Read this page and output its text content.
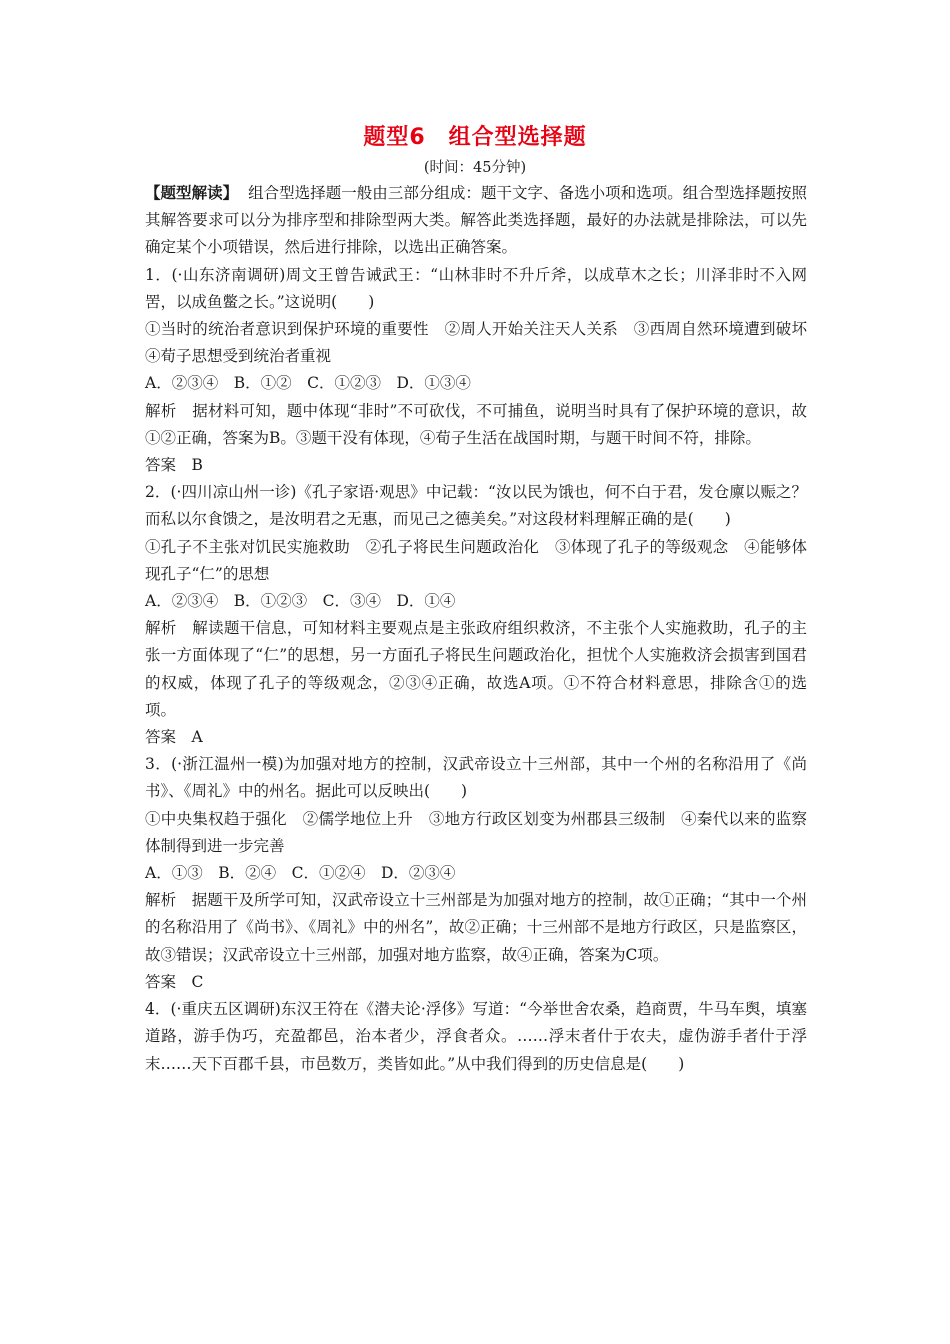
题型6　组合型选择题
(时间：45分钟)

【题型解读】 组合型选择题一般由三部分组成：题干文字、备选小项和选项。组合型选择题按照其解答要求可以分为排序型和排除型两大类。解答此类选择题，最好的办法就是排除法，可以先确定某个小项错误，然后进行排除，以选出正确答案。

1．(·山东济南调研)周文王曾告诫武王：“山林非时不升斤斧，以成草木之长；川泽非时不入网罟，以成鱼鳖之长。”这说明(　　)

①当时的统治者意识到保护环境的重要性　②周人开始关注天人关系　③西周自然环境遭到破坏　④荀子思想受到统治者重视

A．②③④　B．①②　C．①②③　D．①③④

解析　据材料可知，题中体现“非时”不可砍伐，不可捕鱼，说明当时具有了保护环境的意识，故①②正确，答案为B。③题干没有体现，④荀子生活在战国时期，与题干时间不符，排除。

答案　B

2．(·四川凉山州一诊)《孔子家语·观思》中记载：“汝以民为饿也，何不白于君，发仓廪以赈之？而私以尔食馈之，是汝明君之无惠，而见己之德美矣。”对这段材料理解正确的是(　　)

①孔子不主张对饥民实施救助　②孔子将民生问题政治化　③体现了孔子的等级观念　④能够体现孔子“仁”的思想

A．②③④　B．①②③　C．③④　D．①④

解析　解读题干信息，可知材料主要观点是主张政府组织救济，不主张个人实施救助，孔子的主张一方面体现了“仁”的思想，另一方面孔子将民生问题政治化，担忧个人实施救济会损害到国君的权威，体现了孔子的等级观念，②③④正确，故选A项。①不符合材料意思，排除含①的选项。

答案　A

3．(·浙江温州一模)为加强对地方的控制，汉武帝设立十三州部，其中一个州的名称沿用了《尚书》、《周礼》中的州名。据此可以反映出(　　)

①中央集权趋于强化　②儒学地位上升　③地方行政区划变为州郡县三级制　④秦代以来的监察体制得到进一步完善

A．①③　B．②④　C．①②④　D．②③④

解析　据题干及所学可知，汉武帝设立十三州部是为加强对地方的控制，故①正确；“其中一个州的名称沿用了《尚书》、《周礼》中的州名”，故②正确；十三州部不是地方行政区，只是监察区，故③错误；汉武帝设立十三州部，加强对地方监察，故④正确，答案为C项。

答案　C

4．(·重庆五区调研)东汉王符在《潜夫论·浮侈》写道：“今举世舍农桑，趋商贾，牛马车舆，填塞道路，游手伪巧，充盈都邑，治本者少，浮食者众。……浮末者什于农夫，虚伪游手者什于浮末……天下百郡千县，市邑数万，类皆如此。”从中我们得到的历史信息是(　　)
